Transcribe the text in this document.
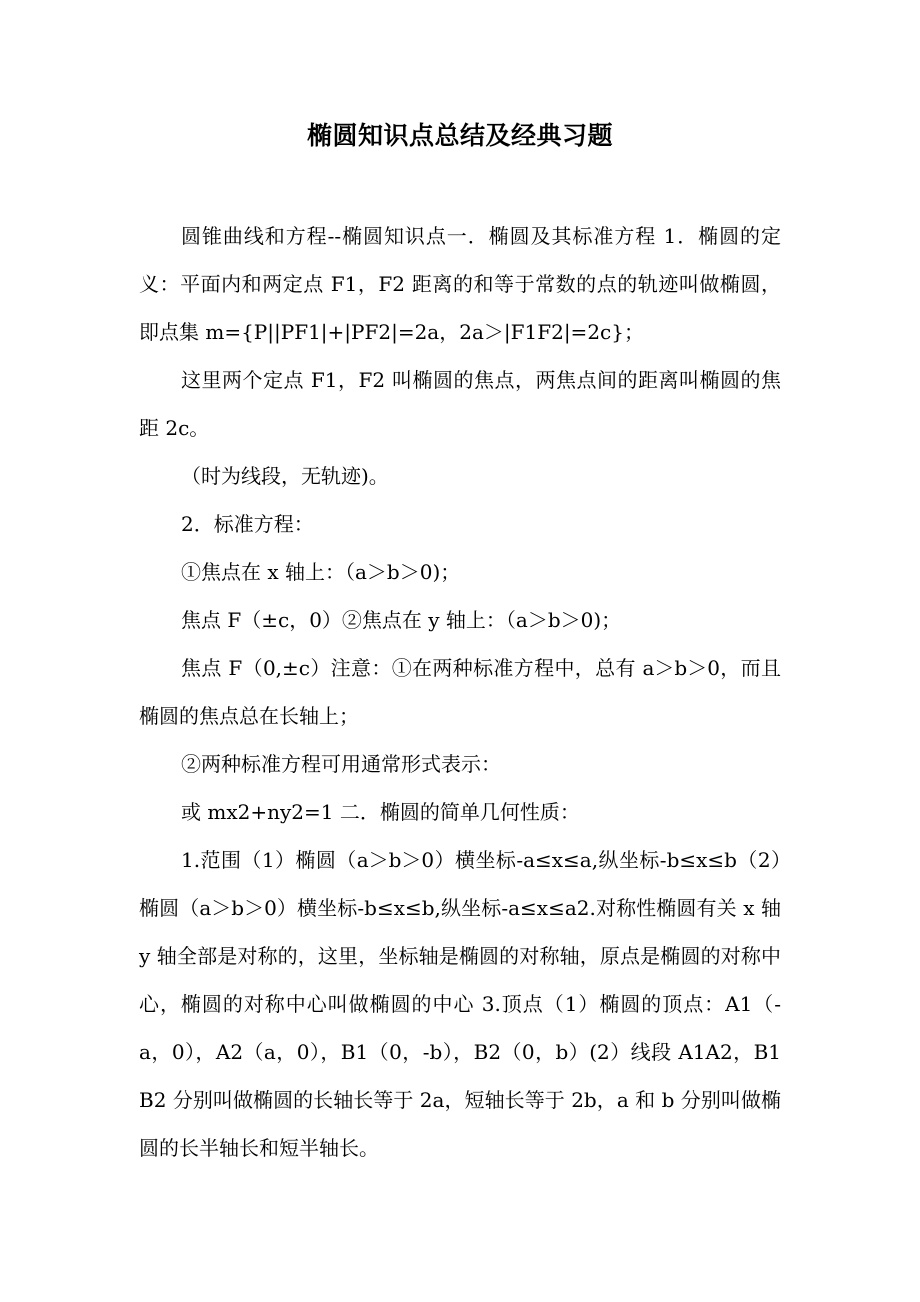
椭圆知识点总结及经典习题

圆锥曲线和方程--椭圆知识点一．椭圆及其标准方程 1．椭圆的定义：平面内和两定点 F1，F2 距离的和等于常数的点的轨迹叫做椭圆，即点集 m={P||PF1|+|PF2|=2a，2a＞|F1F2|=2c}；

这里两个定点 F1，F2 叫椭圆的焦点，两焦点间的距离叫椭圆的焦距 2c。

（时为线段，无轨迹)。

2．标准方程：

①焦点在 x 轴上：（a＞b＞0)；

焦点 F（±c，0）②焦点在 y 轴上：（a＞b＞0)；

焦点 F（0,±c）注意：①在两种标准方程中，总有 a＞b＞0，而且椭圆的焦点总在长轴上；

②两种标准方程可用通常形式表示：

或 mx2+ny2=1 二．椭圆的简单几何性质：

1.范围（1）椭圆（a＞b＞0）横坐标-a≤x≤a,纵坐标-b≤x≤b（2）椭圆（a＞b＞0）横坐标-b≤x≤b,纵坐标-a≤x≤a2.对称性椭圆有关 x 轴 y 轴全部是对称的，这里，坐标轴是椭圆的对称轴，原点是椭圆的对称中心，椭圆的对称中心叫做椭圆的中心 3.顶点（1）椭圆的顶点：A1（-a，0），A2（a，0），B1（0，-b），B2（0，b）(2）线段 A1A2，B1B2 分别叫做椭圆的长轴长等于 2a，短轴长等于 2b，a 和 b 分别叫做椭圆的长半轴长和短半轴长。
